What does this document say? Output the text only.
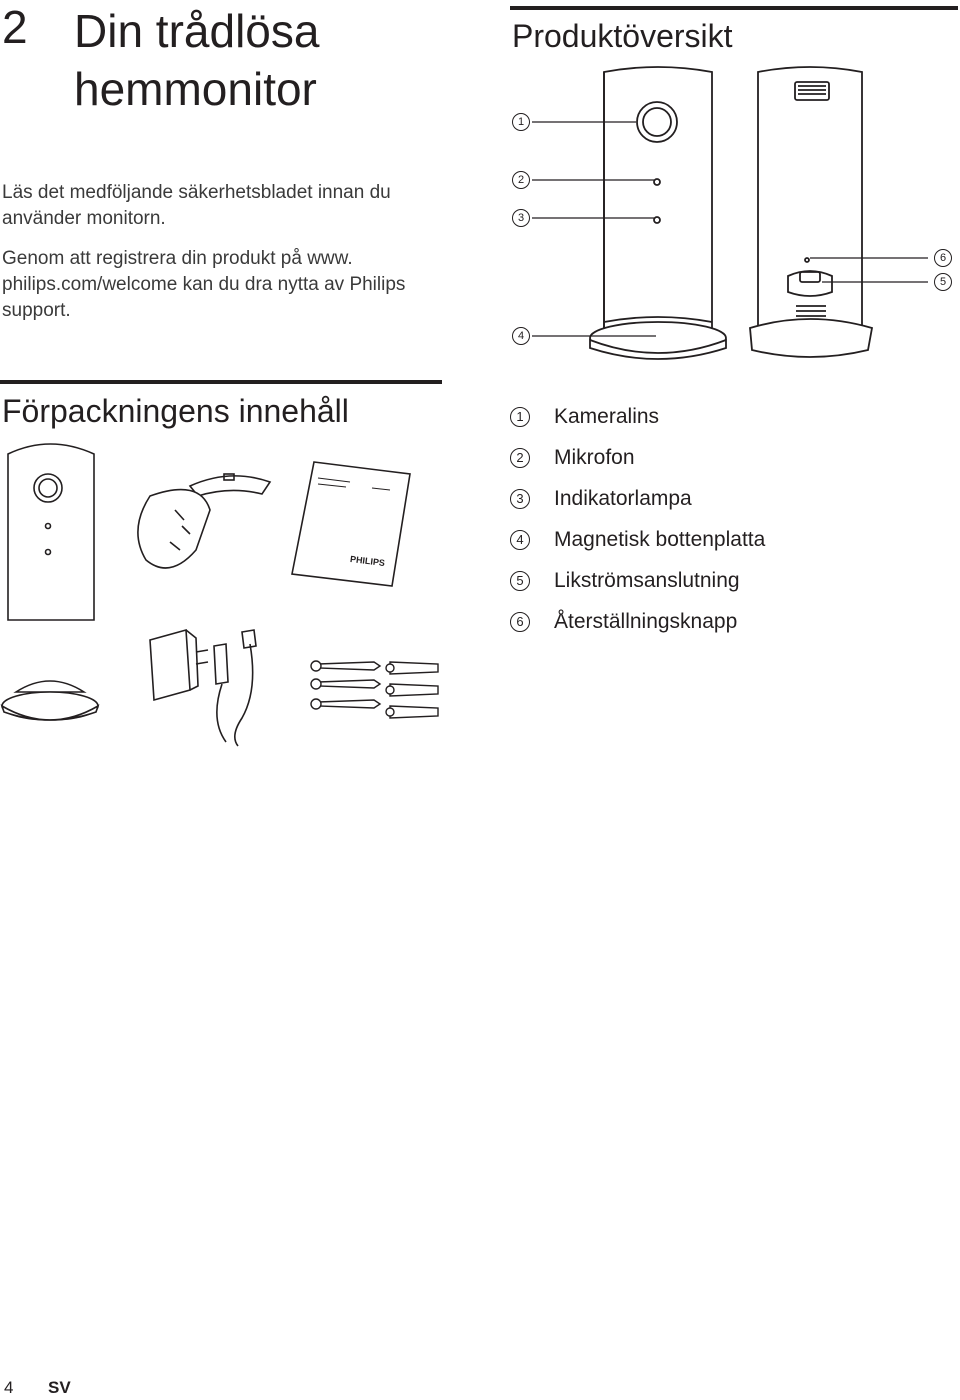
2 Din trådlösa hemmonitor
Läs det medföljande säkerhetsbladet innan du använder monitorn.
Genom att registrera din produkt på www. philips.com/welcome kan du dra nytta av Philips support.
Produktöversikt
1
2
3
4
6
5
Förpackningens innehåll
PHILIPS
1	Kameralins
2	Mikrofon
3	Indikatorlampa
4	Magnetisk bottenplatta
5	Likströmsanslutning
6	Återställningsknapp
4 SV
